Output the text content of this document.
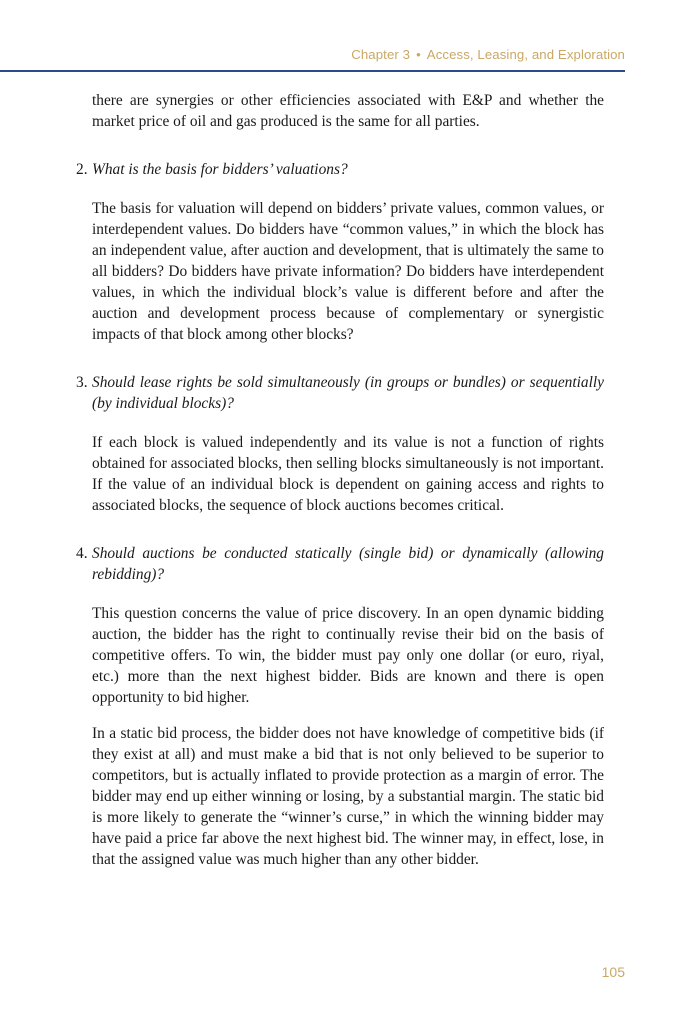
Chapter 3 • Access, Leasing, and Exploration

there are synergies or other efficiencies associated with E&P and whether the market price of oil and gas produced is the same for all parties.

2. What is the basis for bidders’ valuations?

The basis for valuation will depend on bidders’ private values, common values, or interdependent values. Do bidders have “common values,” in which the block has an independent value, after auction and development, that is ultimately the same to all bidders? Do bidders have private information? Do bidders have interdependent values, in which the individual block’s value is different before and after the auction and development process because of complementary or synergistic impacts of that block among other blocks?

3. Should lease rights be sold simultaneously (in groups or bundles) or sequentially (by individual blocks)?

If each block is valued independently and its value is not a function of rights obtained for associated blocks, then selling blocks simultaneously is not important. If the value of an individual block is dependent on gaining access and rights to associated blocks, the sequence of block auctions becomes critical.

4. Should auctions be conducted statically (single bid) or dynamically (allowing rebidding)?

This question concerns the value of price discovery. In an open dynamic bidding auction, the bidder has the right to continually revise their bid on the basis of competitive offers. To win, the bidder must pay only one dollar (or euro, riyal, etc.) more than the next highest bidder. Bids are known and there is open opportunity to bid higher.

In a static bid process, the bidder does not have knowledge of competitive bids (if they exist at all) and must make a bid that is not only believed to be superior to competitors, but is actually inflated to provide protection as a margin of error. The bidder may end up either winning or losing, by a substantial margin. The static bid is more likely to generate the “winner’s curse,” in which the winning bidder may have paid a price far above the next highest bid. The winner may, in effect, lose, in that the assigned value was much higher than any other bidder.

105
